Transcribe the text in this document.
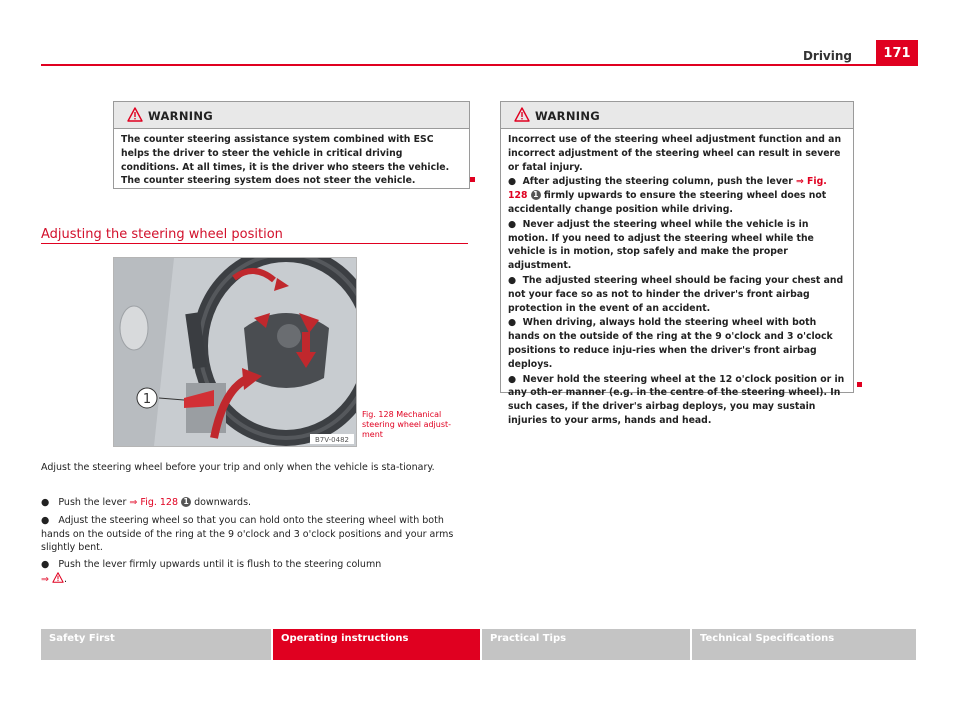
Driving	171
WARNING

The counter steering assistance system combined with ESC helps the driver to steer the vehicle in critical driving conditions. At all times, it is the driver who steers the vehicle. The counter steering system does not steer the vehicle.

Adjusting the steering wheel position
1
B7V-0482
Fig. 128 Mechanical steering wheel adjust-ment
Adjust the steering wheel before your trip and only when the vehicle is sta-tionary.
●   Push the lever ⇒ Fig. 128 1 downwards.
●   Adjust the steering wheel so that you can hold onto the steering wheel with both hands on the outside of the ring at the 9 o'clock and 3 o'clock positions and your arms slightly bent.
●   Push the lever firmly upwards until it is flush to the steering column
⇒ .
WARNING

Incorrect use of the steering wheel adjustment function and an incorrect adjustment of the steering wheel can result in severe or fatal injury.

●  After adjusting the steering column, push the lever ⇒ Fig. 128 1 firmly upwards to ensure the steering wheel does not accidentally change position while driving.

●  Never adjust the steering wheel while the vehicle is in motion. If you need to adjust the steering wheel while the vehicle is in motion, stop safely and make the proper adjustment.

●  The adjusted steering wheel should be facing your chest and not your face so as not to hinder the driver's front airbag protection in the event of an accident.

●  When driving, always hold the steering wheel with both hands on the outside of the ring at the 9 o'clock and 3 o'clock positions to reduce inju-ries when the driver's front airbag deploys.

●  Never hold the steering wheel at the 12 o'clock position or in any oth-er manner (e.g. in the centre of the steering wheel). In such cases, if the driver's airbag deploys, you may sustain injuries to your arms, hands and head.

Safety First	Operating instructions	Practical Tips	Technical Specifications
